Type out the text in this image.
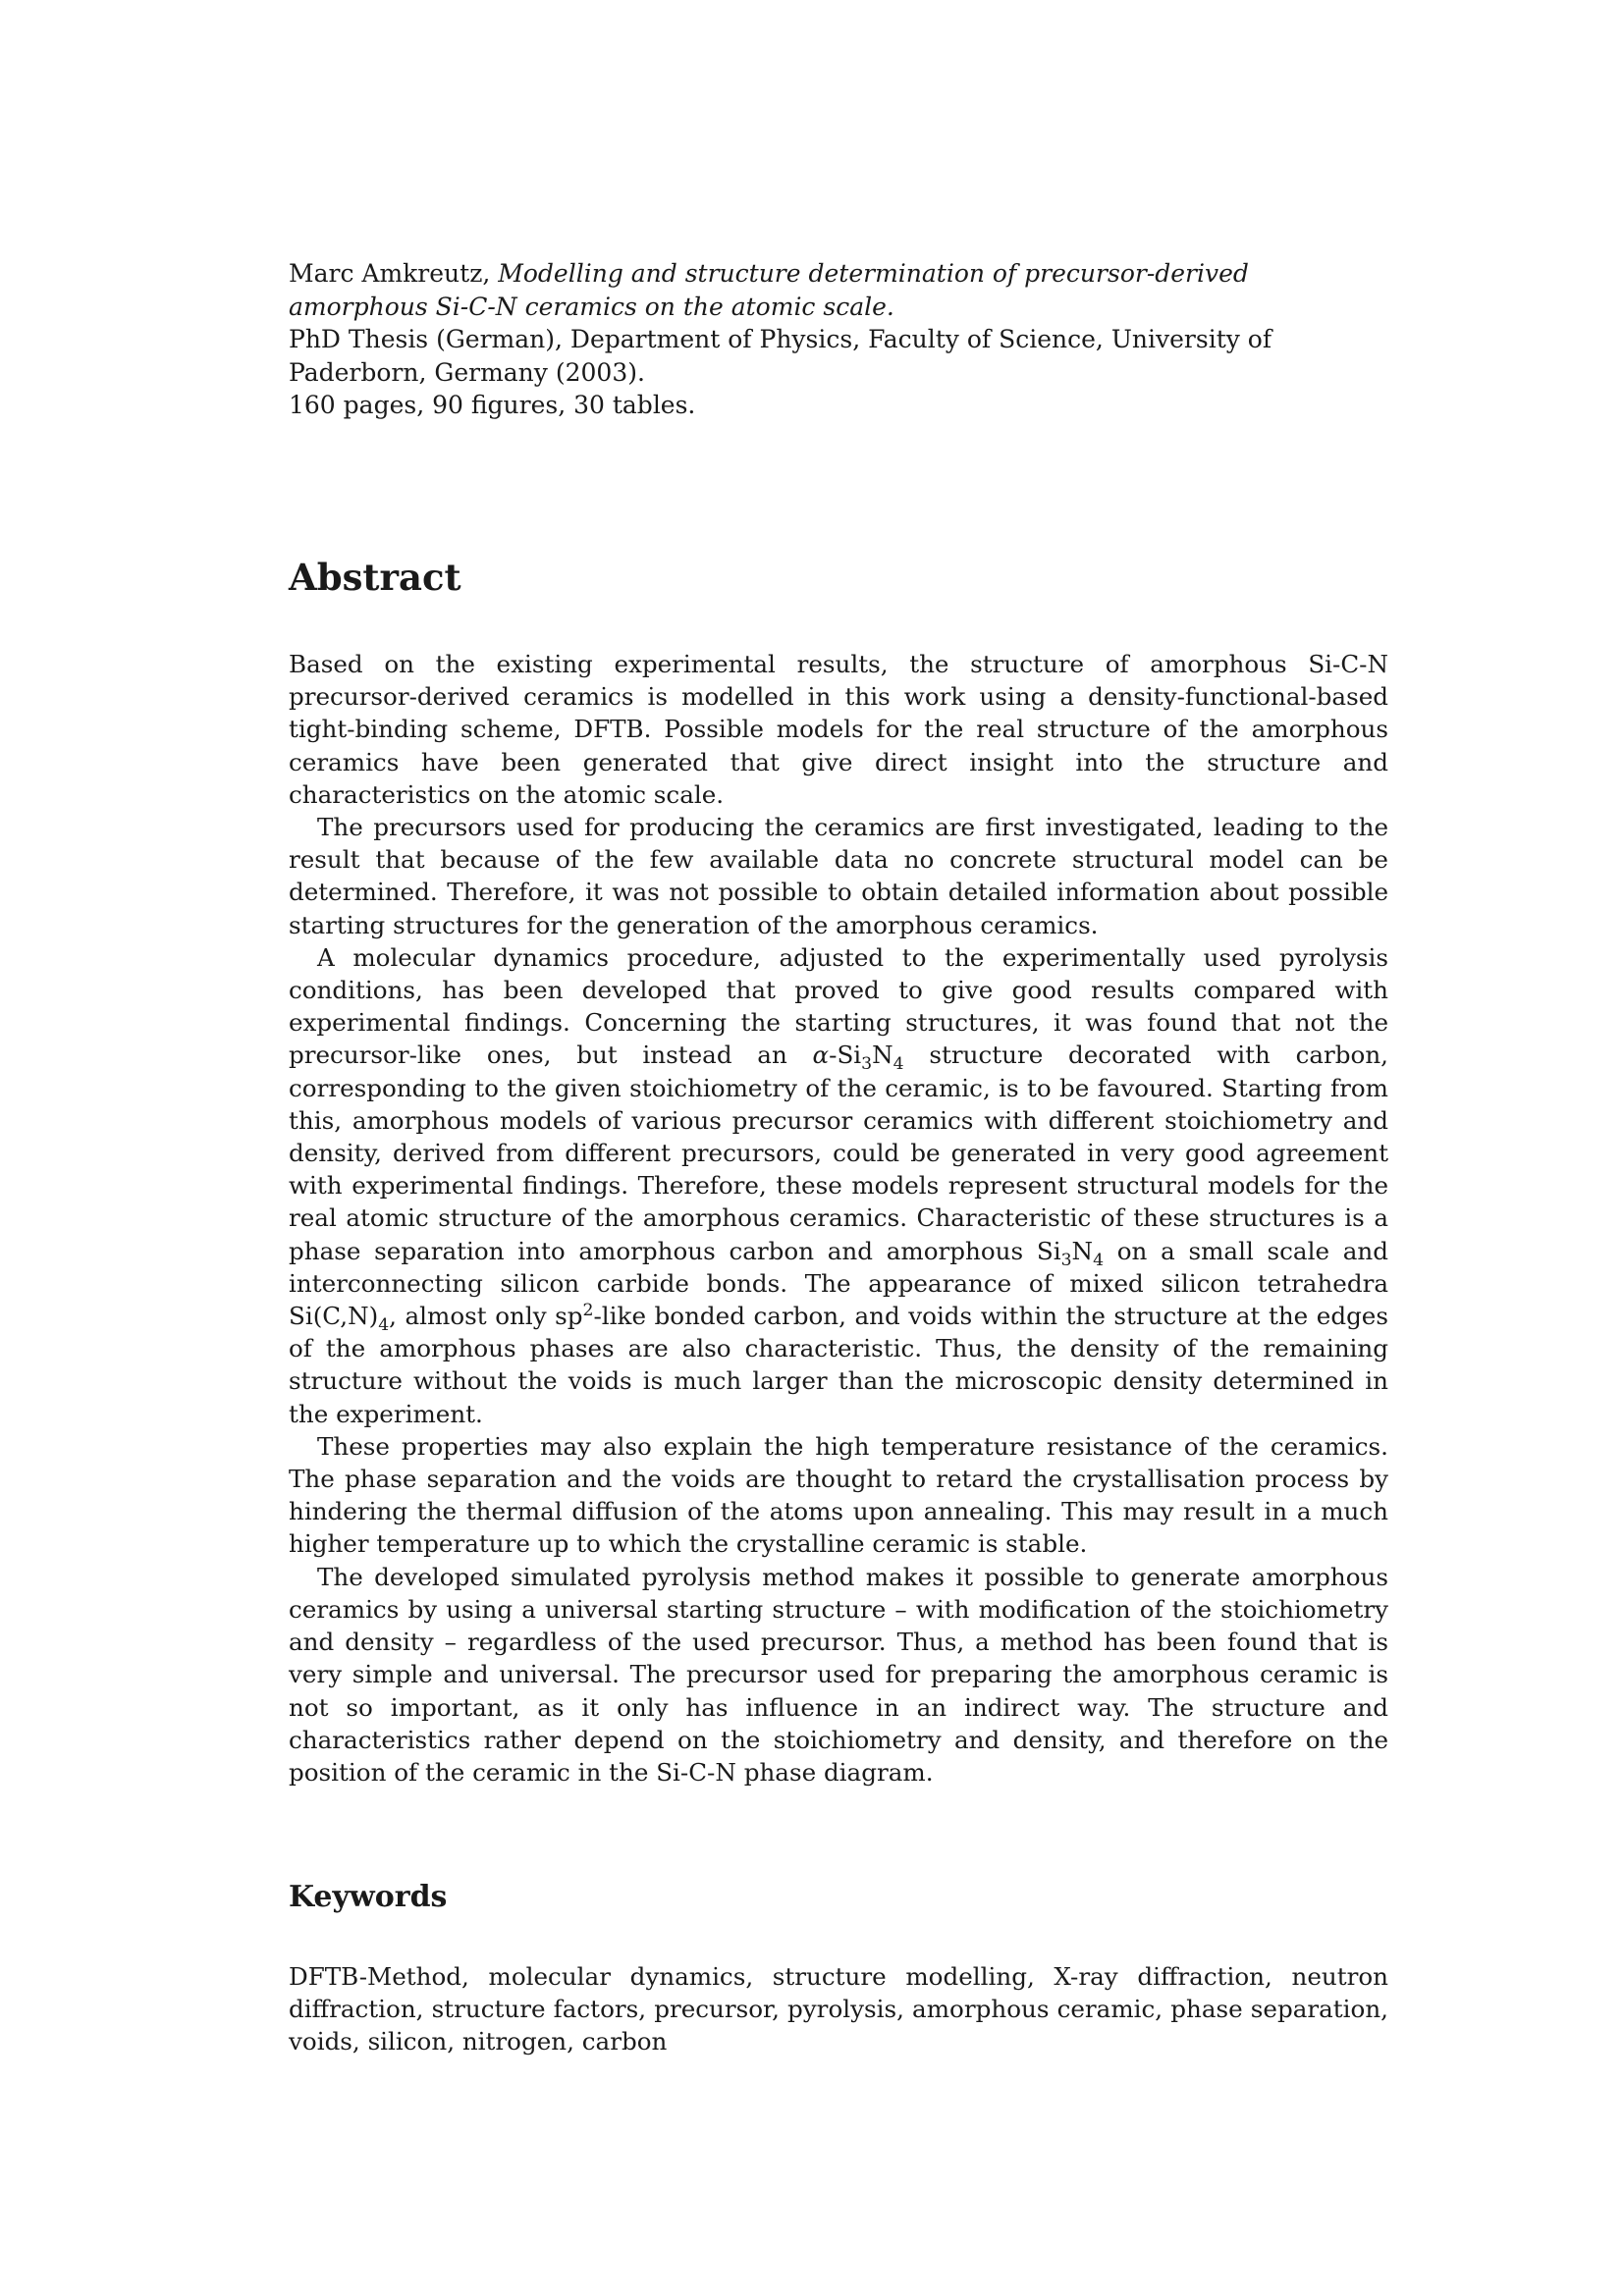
Marc Amkreutz, Modelling and structure determination of precursor-derived amorphous Si-C-N ceramics on the atomic scale.

PhD Thesis (German), Department of Physics, Faculty of Science, University of Paderborn, Germany (2003).

160 pages, 90 figures, 30 tables.

Abstract

Based on the existing experimental results, the structure of amorphous Si-C-N precursor-derived ceramics is modelled in this work using a density-functional-based tight-binding scheme, DFTB. Possible models for the real structure of the amorphous ceramics have been generated that give direct insight into the structure and characteristics on the atomic scale.

The precursors used for producing the ceramics are first investigated, leading to the result that because of the few available data no concrete structural model can be determined. Therefore, it was not possible to obtain detailed information about possible starting structures for the generation of the amorphous ceramics.

A molecular dynamics procedure, adjusted to the experimentally used pyrolysis conditions, has been developed that proved to give good results compared with experimental findings. Concerning the starting structures, it was found that not the precursor-like ones, but instead an $\alpha-Si_3N_4$ structure decorated with carbon, corresponding to the given stoichiometry of the ceramic, is to be favoured. Starting from this, amorphous models of various precursor ceramics with different stoichiometry and density, derived from different precursors, could be generated in very good agreement with experimental findings. Therefore, these models represent structural models for the real atomic structure of the amorphous ceramics. Characteristic of these structures is a phase separation into amorphous carbon and amorphous $Si_3N_4$ on a small scale and interconnecting silicon carbide bonds. The appearance of mixed silicon tetrahedra $Si(C,N)_4$, almost only $sp^2$-like bonded carbon, and voids within the structure at the edges of the amorphous phases are also characteristic. Thus, the density of the remaining structure without the voids is much larger than the microscopic density determined in the experiment.

These properties may also explain the high temperature resistance of the ceramics. The phase separation and the voids are thought to retard the crystallisation process by hindering the thermal diffusion of the atoms upon annealing. This may result in a much higher temperature up to which the crystalline ceramic is stable.

The developed simulated pyrolysis method makes it possible to generate amorphous ceramics by using a universal starting structure – with modification of the stoichiometry and density – regardless of the used precursor. Thus, a method has been found that is very simple and universal. The precursor used for preparing the amorphous ceramic is not so important, as it only has influence in an indirect way. The structure and characteristics rather depend on the stoichiometry and density, and therefore on the position of the ceramic in the Si-C-N phase diagram.

Keywords
DFTB-Method, molecular dynamics, structure modelling, X-ray diffraction, neutron diffraction, structure factors, precursor, pyrolysis, amorphous ceramic, phase separation, voids, silicon, nitrogen, carbon
